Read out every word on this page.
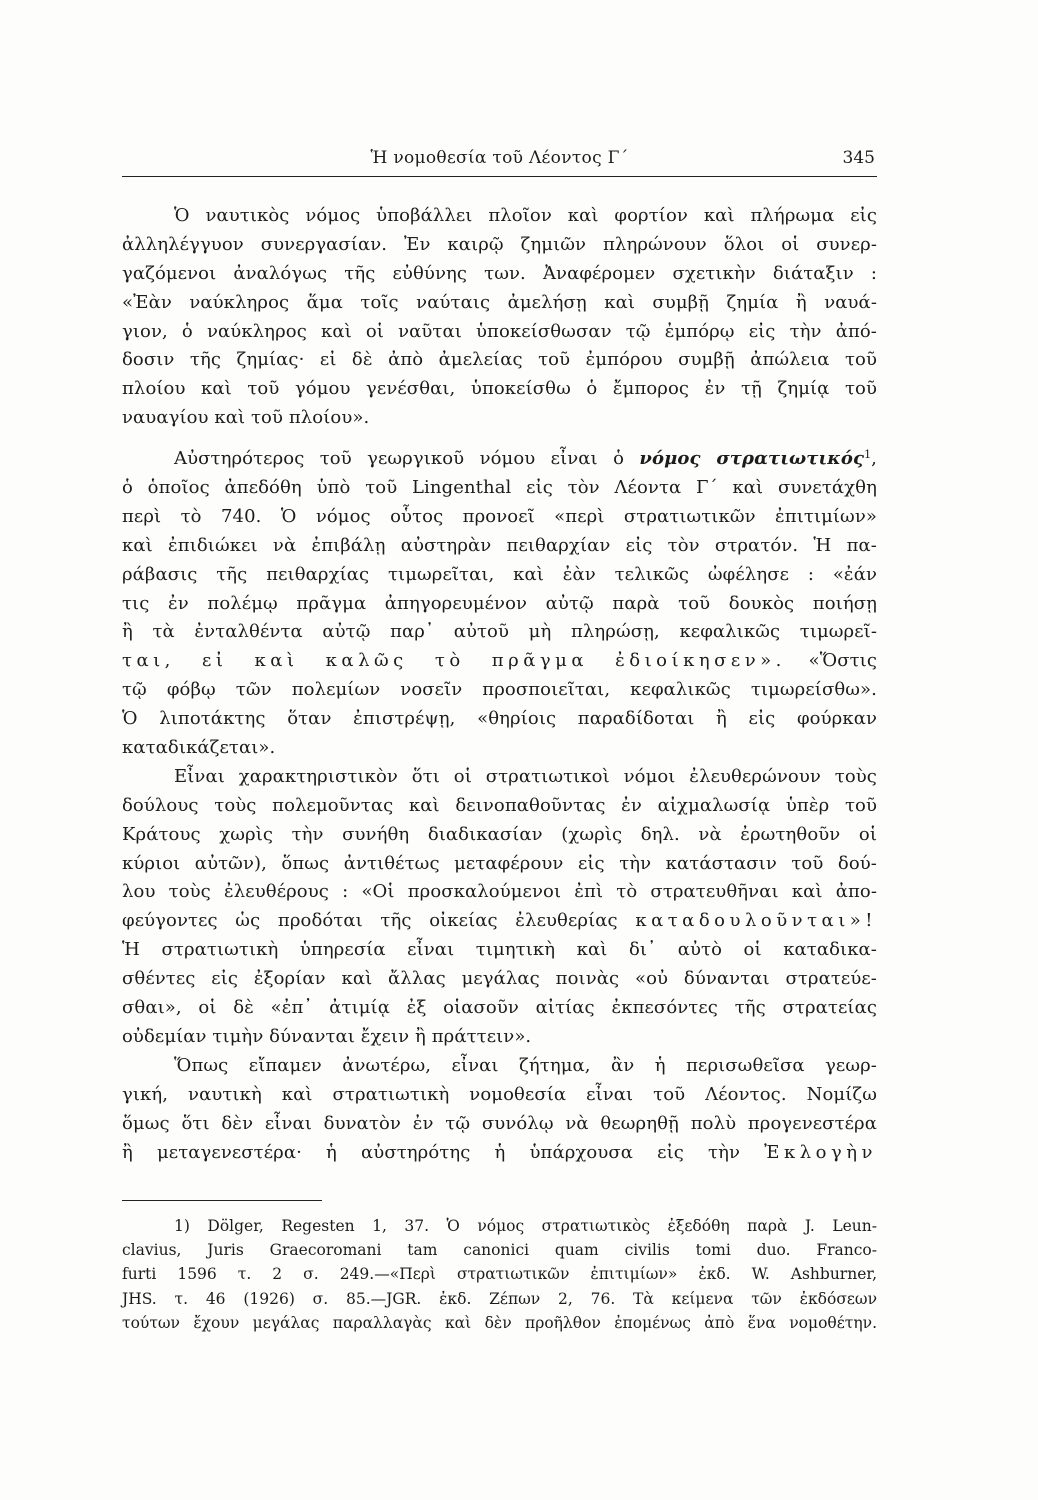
Ἡ νομοθεσία τοῦ Λέοντος Γ΄	345
Ὁ ναυτικὸς νόμος ὑποβάλλει πλοῖον καὶ φορτίον καὶ πλήρωμα εἰς
ἀλληλέγγυον συνεργασίαν. Ἐν καιρῷ ζημιῶν πληρώνουν ὅλοι οἱ συνερ-
γαζόμενοι ἀναλόγως τῆς εὐθύνης των. Ἀναφέρομεν σχετικὴν διάταξιν :
«Ἐὰν ναύκληρος ἅμα τοῖς ναύταις ἀμελήσῃ καὶ συμβῇ ζημία ἢ ναυά-
γιον, ὁ ναύκληρος καὶ οἱ ναῦται ὑποκείσθωσαν τῷ ἐμπόρῳ εἰς τὴν ἀπό-
δοσιν τῆς ζημίας· εἰ δὲ ἀπὸ ἀμελείας τοῦ ἐμπόρου συμβῇ ἀπώλεια τοῦ
πλοίου καὶ τοῦ γόμου γενέσθαι, ὑποκείσθω ὁ ἔμπορος ἐν τῇ ζημίᾳ τοῦ
ναυαγίου καὶ τοῦ πλοίου».
Αὐστηρότερος τοῦ γεωργικοῦ νόμου εἶναι ὁ νόμος στρατιωτικός$^1$,
ὁ ὁποῖος ἀπεδόθη ὑπὸ τοῦ Lingenthal εἰς τὸν Λέοντα Γ΄ καὶ συνετάχθη
περὶ τὸ 740. Ὁ νόμος οὗτος προνοεῖ «περὶ στρατιωτικῶν ἐπιτιμίων»
καὶ ἐπιδιώκει νὰ ἐπιβάλῃ αὐστηρὰν πειθαρχίαν εἰς τὸν στρατόν. Ἡ πα-
ράβασις τῆς πειθαρχίας τιμωρεῖται, καὶ ἐὰν τελικῶς ὠφέλησε : «ἐάν
τις ἐν πολέμῳ πρᾶγμα ἀπηγορευμένον αὐτῷ παρὰ τοῦ δουκὸς ποιήσῃ
ἢ τὰ ἐνταλθέντα αὐτῷ παρ᾽ αὐτοῦ μὴ πληρώσῃ, κεφαλικῶς τιμωρεῖ-
ται, εἰ καὶ καλῶς τὸ πρᾶγμα ἐδιοίκησεν». «Ὅστις
τῷ φόβῳ τῶν πολεμίων νοσεῖν προσποιεῖται, κεφαλικῶς τιμωρείσθω».
Ὁ λιποτάκτης ὅταν ἐπιστρέψῃ, «θηρίοις παραδίδοται ἢ εἰς φούρκαν
καταδικάζεται».
Εἶναι χαρακτηριστικὸν ὅτι οἱ στρατιωτικοὶ νόμοι ἐλευθερώνουν τοὺς
δούλους τοὺς πολεμοῦντας καὶ δεινοπαθοῦντας ἐν αἰχμαλωσίᾳ ὑπὲρ τοῦ
Κράτους χωρὶς τὴν συνήθη διαδικασίαν (χωρὶς δηλ. νὰ ἐρωτηθοῦν οἱ
κύριοι αὐτῶν), ὅπως ἀντιθέτως μεταφέρουν εἰς τὴν κατάστασιν τοῦ δού-
λου τοὺς ἐλευθέρους : «Οἱ προσκαλούμενοι ἐπὶ τὸ στρατευθῆναι καὶ ἀπο-
φεύγοντες ὡς προδόται τῆς οἰκείας ἐλευθερίας καταδουλοῦνται»!
Ἡ στρατιωτικὴ ὑπηρεσία εἶναι τιμητικὴ καὶ δι᾽ αὐτὸ οἱ καταδικα-
σθέντες εἰς ἐξορίαν καὶ ἄλλας μεγάλας ποινὰς «οὐ δύνανται στρατεύε-
σθαι», οἱ δὲ «ἐπ᾽ ἀτιμίᾳ ἐξ οἱασοῦν αἰτίας ἐκπεσόντες τῆς στρατείας
οὐδεμίαν τιμὴν δύνανται ἔχειν ἢ πράττειν».
Ὅπως εἴπαμεν ἀνωτέρω, εἶναι ζήτημα, ἂν ἡ περισωθεῖσα γεωρ-
γική, ναυτικὴ καὶ στρατιωτικὴ νομοθεσία εἶναι τοῦ Λέοντος. Νομίζω
ὅμως ὅτι δὲν εἶναι δυνατὸν ἐν τῷ συνόλῳ νὰ θεωρηθῇ πολὺ προγενεστέρα
ἢ μεταγενεστέρα· ἡ αὐστηρότης ἡ ὑπάρχουσα εἰς τὴν Ἐκλογὴν
1) Dölger, Regesten 1, 37. Ὁ νόμος στρατιωτικὸς ἐξεδόθη παρὰ J. Leun-
clavius, Juris Graecoromani tam canonici quam civilis tomi duo. Franco-
furti 1596 τ. 2 σ. 249.—«Περὶ στρατιωτικῶν ἐπιτιμίων» ἐκδ. W. Ashburner,
JHS. τ. 46 (1926) σ. 85.—JGR. ἐκδ. Ζέπων 2, 76. Τὰ κείμενα τῶν ἐκδόσεων
τούτων ἔχουν μεγάλας παραλλαγὰς καὶ δὲν προῆλθον ἐπομένως ἀπὸ ἕνα νομοθέτην.
